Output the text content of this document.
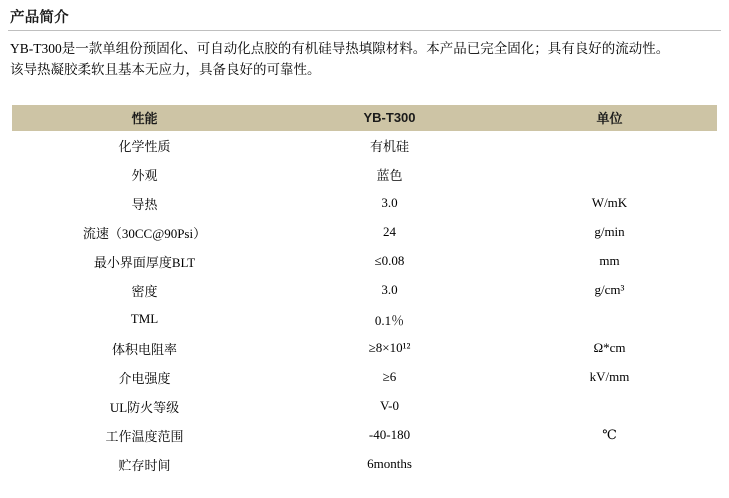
产品简介

YB-T300是一款单组份预固化、可自动化点胶的有机硅导热填隙材料。本产品已完全固化；具有良好的流动性。

该导热凝胶柔软且基本无应力，具备良好的可靠性。

性能	YB-T300	单位
化学性质	有机硅	
外观	蓝色	
导热	3.0	W/mK
流速（30CC@90Psi）	24	g/min
最小界面厚度BLT	≤0.08	mm
密度	3.0	g/cm³
TML	0.1％	
体积电阻率	≥8×10¹²	Ω*cm
介电强度	≥6	kV/mm
UL防火等级	V-0	
工作温度范围	-40-180	℃
贮存时间	6months	
